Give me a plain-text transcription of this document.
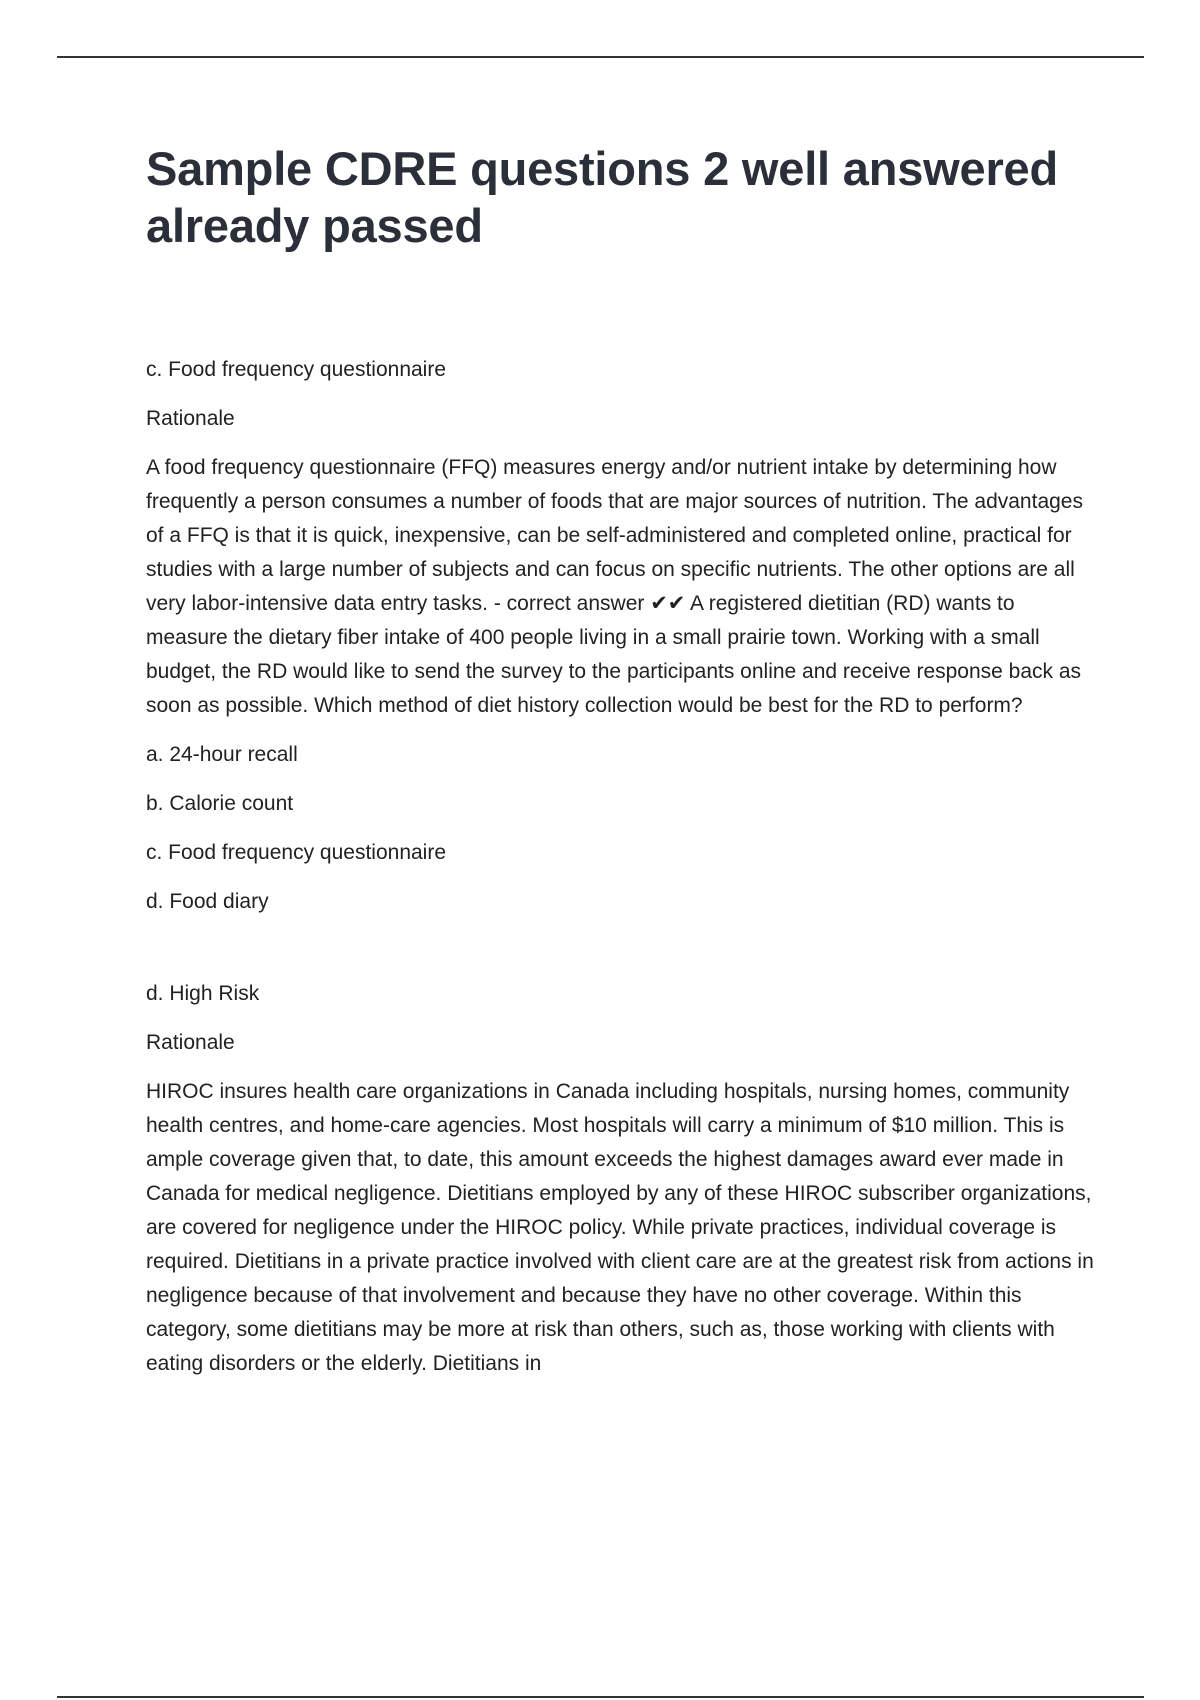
Sample CDRE questions 2 well answered already passed

c. Food frequency questionnaire

Rationale

A food frequency questionnaire (FFQ) measures energy and/or nutrient intake by determining how frequently a person consumes a number of foods that are major sources of nutrition. The advantages of a FFQ is that it is quick, inexpensive, can be self-administered and completed online, practical for studies with a large number of subjects and can focus on specific nutrients. The other options are all very labor-intensive data entry tasks. - correct answer ✔✔ A registered dietitian (RD) wants to measure the dietary fiber intake of 400 people living in a small prairie town. Working with a small budget, the RD would like to send the survey to the participants online and receive response back as soon as possible. Which method of diet history collection would be best for the RD to perform?

a. 24-hour recall

b. Calorie count

c. Food frequency questionnaire

d. Food diary

d. High Risk

Rationale

HIROC insures health care organizations in Canada including hospitals, nursing homes, community health centres, and home-care agencies. Most hospitals will carry a minimum of $10 million. This is ample coverage given that, to date, this amount exceeds the highest damages award ever made in Canada for medical negligence. Dietitians employed by any of these HIROC subscriber organizations, are covered for negligence under the HIROC policy. While private practices, individual coverage is required. Dietitians in a private practice involved with client care are at the greatest risk from actions in negligence because of that involvement and because they have no other coverage. Within this category, some dietitians may be more at risk than others, such as, those working with clients with eating disorders or the elderly. Dietitians in
